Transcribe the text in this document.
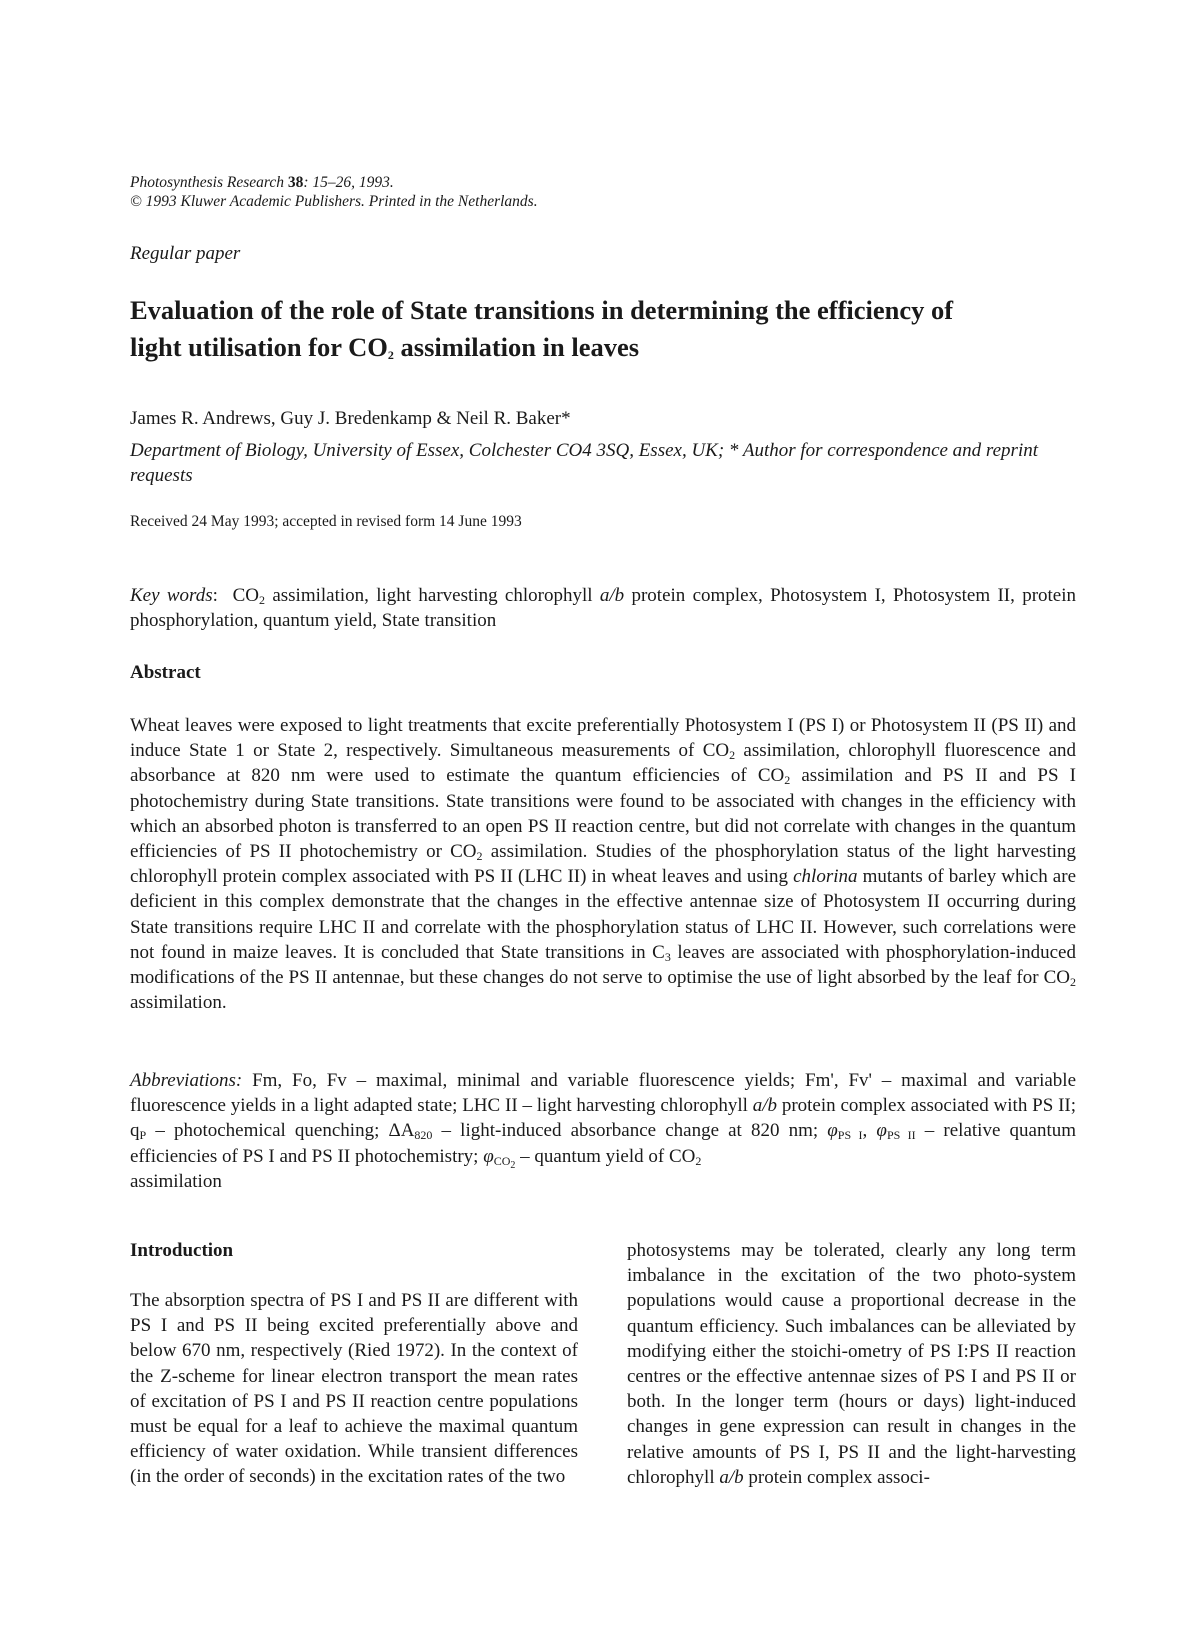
Photosynthesis Research 38: 15–26, 1993.
© 1993 Kluwer Academic Publishers. Printed in the Netherlands.
Regular paper
Evaluation of the role of State transitions in determining the efficiency of
light utilisation for $CO_2$ assimilation in leaves
James R. Andrews, Guy J. Bredenkamp & Neil R. Baker*
Department of Biology, University of Essex, Colchester CO4 3SQ, Essex, UK; * Author for correspondence and reprint requests
Received 24 May 1993; accepted in revised form 14 June 1993
Key words: $CO_2$ assimilation, light harvesting chlorophyll a/b protein complex, Photosystem I, Photosystem II, protein phosphorylation, quantum yield, State transition
Abstract
Wheat leaves were exposed to light treatments that excite preferentially Photosystem I (PS I) or Photosystem II (PS II) and induce State 1 or State 2, respectively. Simultaneous measurements of $CO_2$ assimilation, chlorophyll fluorescence and absorbance at 820 nm were used to estimate the quantum efficiencies of $CO_2$ assimilation and PS II and PS I photochemistry during State transitions. State transitions were found to be associated with changes in the efficiency with which an absorbed photon is transferred to an open PS II reaction centre, but did not correlate with changes in the quantum efficiencies of PS II photochemistry or $CO_2$ assimilation. Studies of the phosphorylation status of the light harvesting chlorophyll protein complex associated with PS II (LHC II) in wheat leaves and using chlorina mutants of barley which are deficient in this complex demonstrate that the changes in the effective antennae size of Photosystem II occurring during State transitions require LHC II and correlate with the phosphorylation status of LHC II. However, such correlations were not found in maize leaves. It is concluded that State transitions in $C_3$ leaves are associated with phosphorylation-induced modifications of the PS II antennae, but these changes do not serve to optimise the use of light absorbed by the leaf for $CO_2$ assimilation.
Abbreviations: Fm, Fo, Fv – maximal, minimal and variable fluorescence yields; Fm', Fv' – maximal and variable fluorescence yields in a light adapted state; LHC II – light harvesting chlorophyll a/b protein complex associated with PS II; $q_P$ – photochemical quenching; $\Delta A_{820}$ – light-induced absorbance change at 820 nm; $\varphi_{PS I}$, $\varphi_{PS II}$ – relative quantum efficiencies of PS I and PS II photochemistry; $\varphi_{CO_2}$ – quantum yield of $CO_2$
assimilation
Introduction
The absorption spectra of PS I and PS II are different with PS I and PS II being excited preferentially above and below 670 nm, respectively (Ried 1972). In the context of the Z-scheme for linear electron transport the mean rates of excitation of PS I and PS II reaction centre populations must be equal for a leaf to achieve the maximal quantum efficiency of water oxidation. While transient differences (in the order of seconds) in the excitation rates of the two
photosystems may be tolerated, clearly any long term imbalance in the excitation of the two photo-system populations would cause a proportional decrease in the quantum efficiency. Such imbalances can be alleviated by modifying either the stoichi-ometry of PS I:PS II reaction centres or the effective antennae sizes of PS I and PS II or both. In the longer term (hours or days) light-induced changes in gene expression can result in changes in the relative amounts of PS I, PS II and the light-harvesting chlorophyll a/b protein complex associ-
